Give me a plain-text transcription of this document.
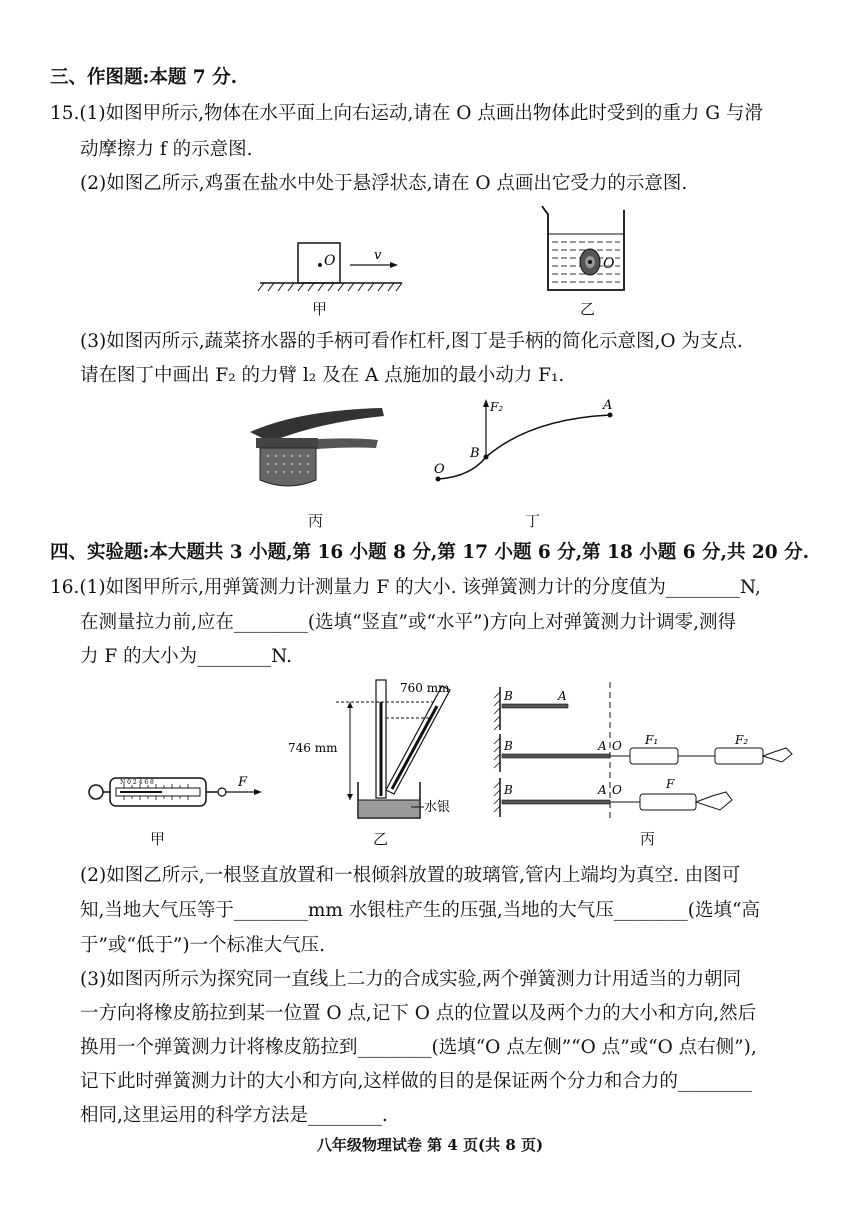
三、作图题:本题 7 分.
15.(1)如图甲所示,物体在水平面上向右运动,请在 O 点画出物体此时受到的重力 G 与滑
动摩擦力 f 的示意图.
(2)如图乙所示,鸡蛋在盐水中处于悬浮状态,请在 O 点画出它受力的示意图.
O	v
甲
O
乙
(3)如图丙所示,蔬菜挤水器的手柄可看作杠杆,图丁是手柄的简化示意图,O 为支点.
请在图丁中画出 F₂ 的力臂 l₂ 及在 A 点施加的最小动力 F₁.
丙
F₂
O
B
A
丁
四、实验题:本大题共 3 小题,第 16 小题 8 分,第 17 小题 6 分,第 18 小题 6 分,共 20 分.
16.(1)如图甲所示,用弹簧测力计测量力 F 的大小. 该弹簧测力计的分度值为________N,
在测量拉力前,应在________(选填“竖直”或“水平”)方向上对弹簧测力计调零,测得
力 F 的大小为________N.
N 0 2 4 6 8	F
甲
760 mm
746 mm
水银
乙
B	A
B	A O F₁	F₂
B	A O	F
丙
(2)如图乙所示,一根竖直放置和一根倾斜放置的玻璃管,管内上端均为真空. 由图可
知,当地大气压等于________mm 水银柱产生的压强,当地的大气压________(选填“高
于”或“低于”)一个标准大气压.
(3)如图丙所示为探究同一直线上二力的合成实验,两个弹簧测力计用适当的力朝同
一方向将橡皮筋拉到某一位置 O 点,记下 O 点的位置以及两个力的大小和方向,然后
换用一个弹簧测力计将橡皮筋拉到________(选填“O 点左侧”“O 点”或“O 点右侧”),
记下此时弹簧测力计的大小和方向,这样做的目的是保证两个分力和合力的________
相同,这里运用的科学方法是________.
八年级物理试卷 第 4 页(共 8 页)
